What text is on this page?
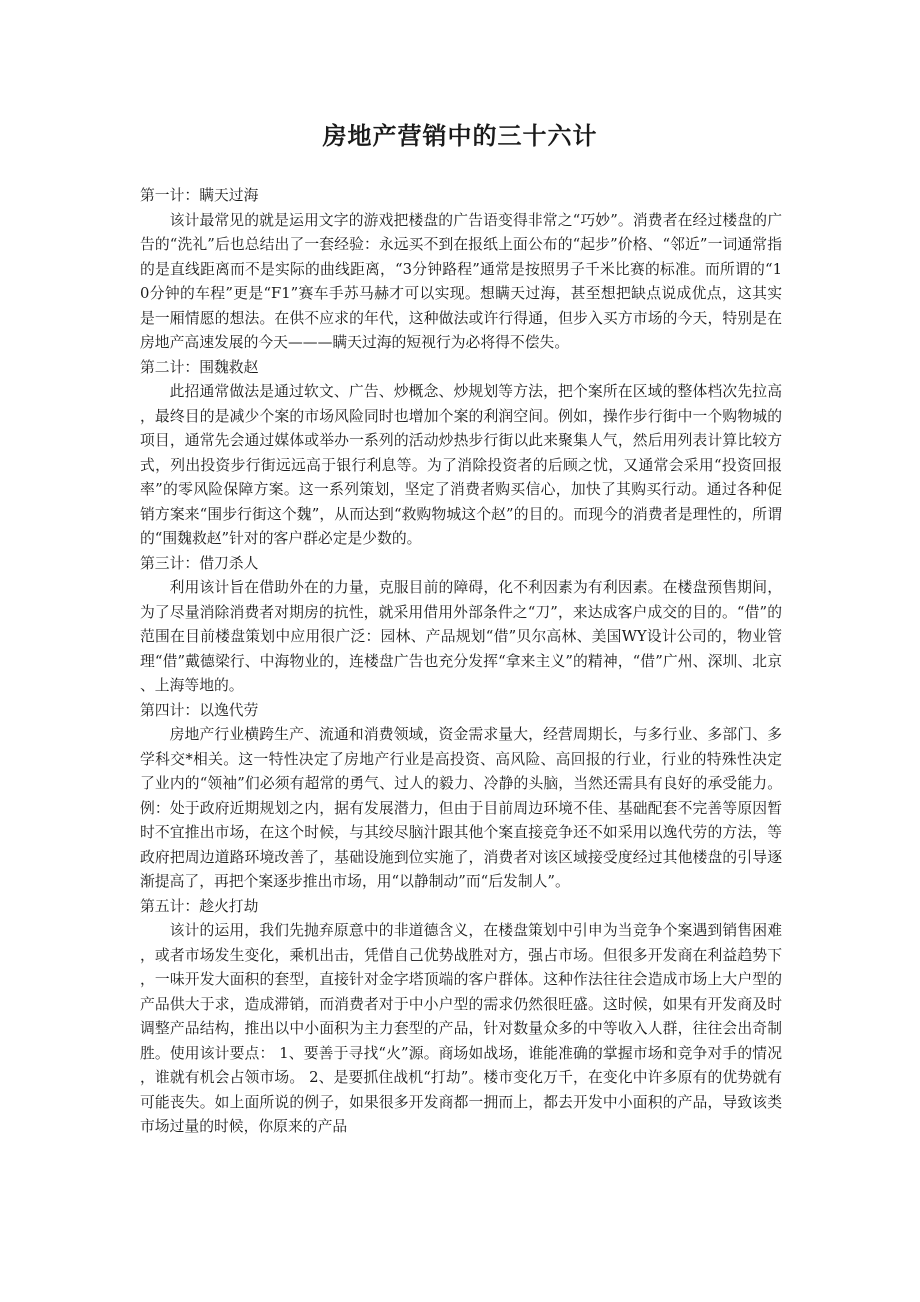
房地产营销中的三十六计

第一计：瞒天过海

该计最常见的就是运用文字的游戏把楼盘的广告语变得非常之“巧妙”。消费者在经过楼盘的广告的“洗礼”后也总结出了一套经验：永远买不到在报纸上面公布的“起步”价格、“邻近”一词通常指的是直线距离而不是实际的曲线距离，“3分钟路程”通常是按照男子千米比赛的标准。而所谓的“10分钟的车程”更是“F1”赛车手苏马赫才可以实现。想瞒天过海，甚至想把缺点说成优点，这其实是一厢情愿的想法。在供不应求的年代，这种做法或许行得通，但步入买方市场的今天，特别是在房地产高速发展的今天———瞒天过海的短视行为必将得不偿失。

第二计：围魏救赵

此招通常做法是通过软文、广告、炒概念、炒规划等方法，把个案所在区域的整体档次先拉高，最终目的是减少个案的市场风险同时也增加个案的利润空间。例如，操作步行街中一个购物城的项目，通常先会通过媒体或举办一系列的活动炒热步行街以此来聚集人气，然后用列表计算比较方式，列出投资步行街远远高于银行利息等。为了消除投资者的后顾之忧，又通常会采用“投资回报率”的零风险保障方案。这一系列策划，坚定了消费者购买信心，加快了其购买行动。通过各种促销方案来“围步行街这个魏”，从而达到“救购物城这个赵”的目的。而现今的消费者是理性的，所谓的“围魏救赵”针对的客户群必定是少数的。

第三计：借刀杀人

利用该计旨在借助外在的力量，克服目前的障碍，化不利因素为有利因素。在楼盘预售期间，为了尽量消除消费者对期房的抗性，就采用借用外部条件之“刀”，来达成客户成交的目的。“借”的范围在目前楼盘策划中应用很广泛：园林、产品规划“借”贝尔高林、美国WY设计公司的，物业管理“借”戴德梁行、中海物业的，连楼盘广告也充分发挥“拿来主义”的精神，“借”广州、深圳、北京、上海等地的。

第四计：以逸代劳

房地产行业横跨生产、流通和消费领域，资金需求量大，经营周期长，与多行业、多部门、多学科交*相关。这一特性决定了房地产行业是高投资、高风险、高回报的行业，行业的特殊性决定了业内的“领袖”们必须有超常的勇气、过人的毅力、冷静的头脑，当然还需具有良好的承受能力。例：处于政府近期规划之内，据有发展潜力，但由于目前周边环境不佳、基础配套不完善等原因暂时不宜推出市场，在这个时候，与其绞尽脑汁跟其他个案直接竞争还不如采用以逸代劳的方法，等政府把周边道路环境改善了，基础设施到位实施了，消费者对该区域接受度经过其他楼盘的引导逐渐提高了，再把个案逐步推出市场，用“以静制动”而“后发制人”。

第五计：趁火打劫

该计的运用，我们先抛弃原意中的非道德含义，在楼盘策划中引申为当竞争个案遇到销售困难，或者市场发生变化，乘机出击，凭借自己优势战胜对方，强占市场。但很多开发商在利益趋势下，一味开发大面积的套型，直接针对金字塔顶端的客户群体。这种作法往往会造成市场上大户型的产品供大于求，造成滞销，而消费者对于中小户型的需求仍然很旺盛。这时候，如果有开发商及时调整产品结构，推出以中小面积为主力套型的产品，针对数量众多的中等收入人群，往往会出奇制胜。使用该计要点： 1、要善于寻找“火”源。商场如战场，谁能准确的掌握市场和竞争对手的情况，谁就有机会占领市场。 2、是要抓住战机“打劫”。楼市变化万千，在变化中许多原有的优势就有可能丧失。如上面所说的例子，如果很多开发商都一拥而上，都去开发中小面积的产品，导致该类市场过量的时候，你原来的产品
